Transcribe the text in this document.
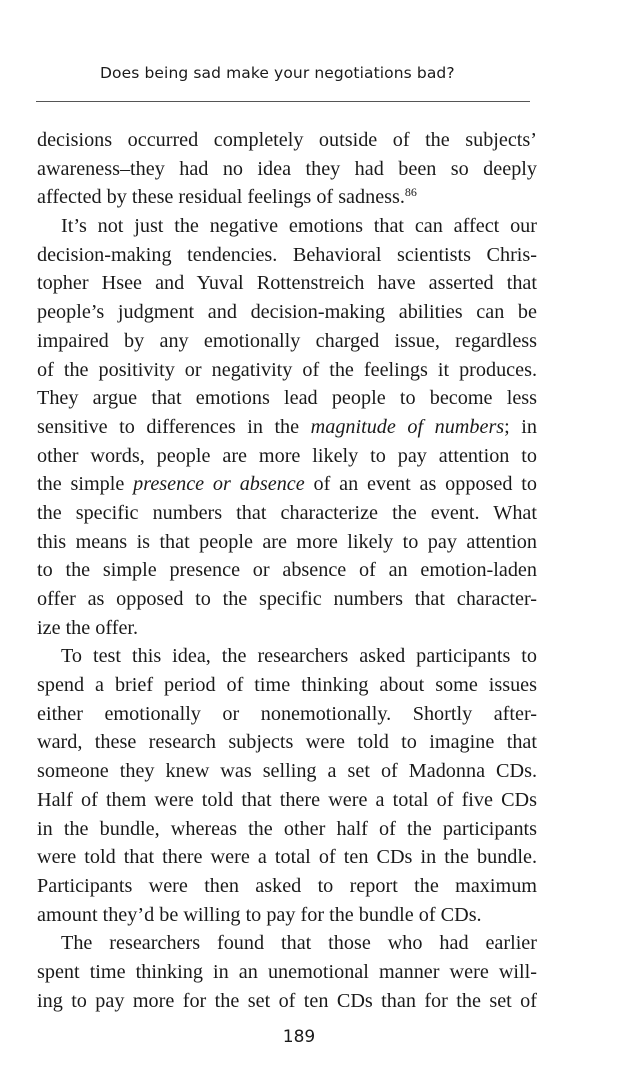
Does being sad make your negotiations bad?
decisions occurred completely outside of the subjects’
awareness–they had no idea they had been so deeply
affected by these residual feelings of sadness.$^{86}$
It’s not just the negative emotions that can affect our
decision-making tendencies. Behavioral scientists Chris-
topher Hsee and Yuval Rottenstreich have asserted that
people’s judgment and decision-making abilities can be
impaired by any emotionally charged issue, regardless
of the positivity or negativity of the feelings it produces.
They argue that emotions lead people to become less
sensitive to differences in the magnitude of numbers; in
other words, people are more likely to pay attention to
the simple presence or absence of an event as opposed to
the specific numbers that characterize the event. What
this means is that people are more likely to pay attention
to the simple presence or absence of an emotion-laden
offer as opposed to the specific numbers that character-
ize the offer.
To test this idea, the researchers asked participants to
spend a brief period of time thinking about some issues
either emotionally or nonemotionally. Shortly after-
ward, these research subjects were told to imagine that
someone they knew was selling a set of Madonna CDs.
Half of them were told that there were a total of five CDs
in the bundle, whereas the other half of the participants
were told that there were a total of ten CDs in the bundle.
Participants were then asked to report the maximum
amount they’d be willing to pay for the bundle of CDs.
The researchers found that those who had earlier
spent time thinking in an unemotional manner were will-
ing to pay more for the set of ten CDs than for the set of
189
